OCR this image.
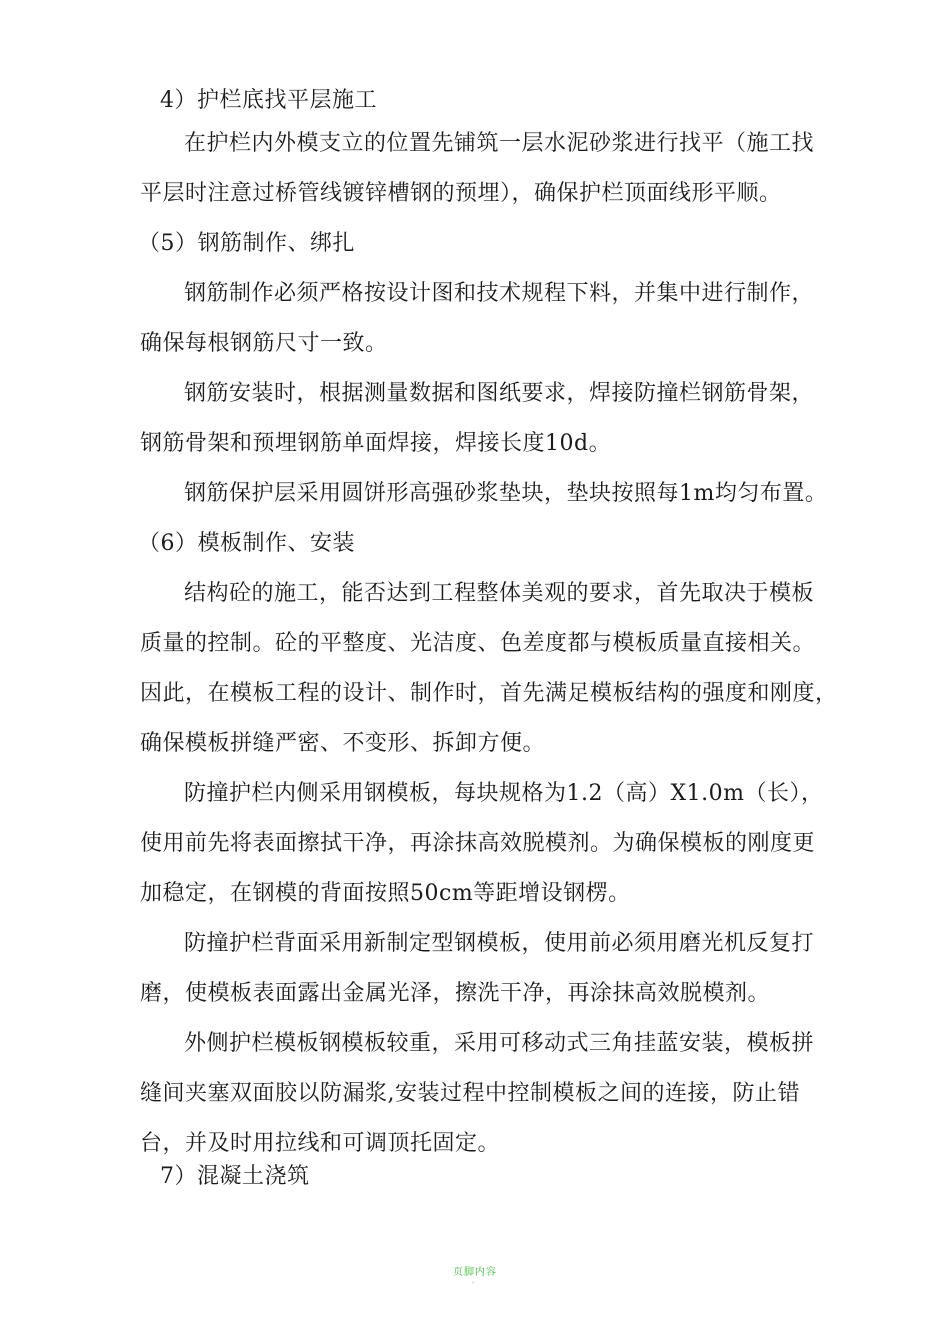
4）护栏底找平层施工
在护栏内外模支立的位置先铺筑一层水泥砂浆进行找平（施工找
平层时注意过桥管线镀锌槽钢的预埋），确保护栏顶面线形平顺。
（5）钢筋制作、绑扎
钢筋制作必须严格按设计图和技术规程下料，并集中进行制作，
确保每根钢筋尺寸一致。
钢筋安装时，根据测量数据和图纸要求，焊接防撞栏钢筋骨架，
钢筋骨架和预埋钢筋单面焊接，焊接长度10d。
钢筋保护层采用圆饼形高强砂浆垫块，垫块按照每1m均匀布置。
（6）模板制作、安装
结构砼的施工，能否达到工程整体美观的要求，首先取决于模板
质量的控制。砼的平整度、光洁度、色差度都与模板质量直接相关。
因此，在模板工程的设计、制作时，首先满足模板结构的强度和刚度，
确保模板拼缝严密、不变形、拆卸方便。
防撞护栏内侧采用钢模板，每块规格为1.2（高）X1.0m（长），
使用前先将表面擦拭干净，再涂抹高效脱模剂。为确保模板的刚度更
加稳定，在钢模的背面按照50cm等距增设钢楞。
防撞护栏背面采用新制定型钢模板，使用前必须用磨光机反复打
磨，使模板表面露出金属光泽，擦洗干净，再涂抹高效脱模剂。
外侧护栏模板钢模板较重，采用可移动式三角挂蓝安装，模板拼
缝间夹塞双面胶以防漏浆,安装过程中控制模板之间的连接，防止错
台，并及时用拉线和可调顶托固定。
7）混凝土浇筑
页脚内容
。
